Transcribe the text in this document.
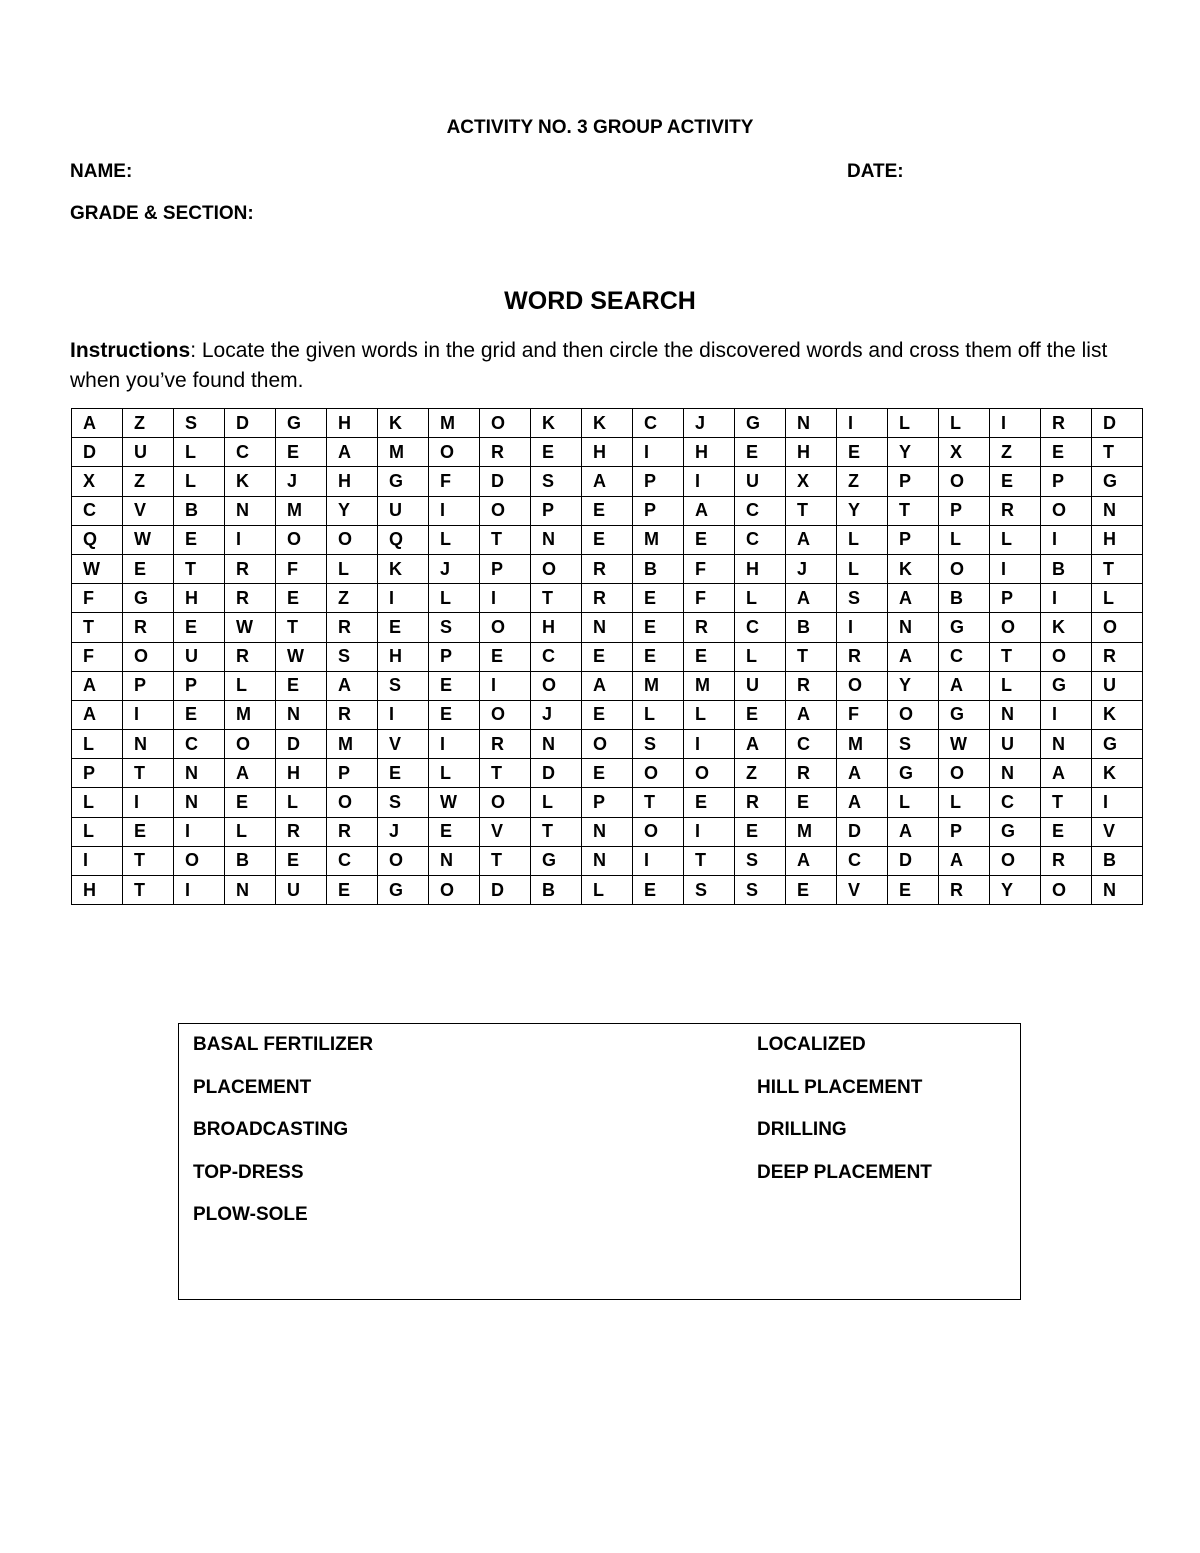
ACTIVITY NO. 3 GROUP ACTIVITY
NAME:	DATE:
GRADE & SECTION:
WORD SEARCH
Instructions: Locate the given words in the grid and then circle the discovered words and cross them off the list when you’ve found them.
A	Z	S	D	G	H	K	M	O	K	K	C	J	G	N	I	L	L	I	R	D
D	U	L	C	E	A	M	O	R	E	H	I	H	E	H	E	Y	X	Z	E	T
X	Z	L	K	J	H	G	F	D	S	A	P	I	U	X	Z	P	O	E	P	G
C	V	B	N	M	Y	U	I	O	P	E	P	A	C	T	Y	T	P	R	O	N
Q	W	E	I	O	O	Q	L	T	N	E	M	E	C	A	L	P	L	L	I	H
W	E	T	R	F	L	K	J	P	O	R	B	F	H	J	L	K	O	I	B	T
F	G	H	R	E	Z	I	L	I	T	R	E	F	L	A	S	A	B	P	I	L
T	R	E	W	T	R	E	S	O	H	N	E	R	C	B	I	N	G	O	K	O
F	O	U	R	W	S	H	P	E	C	E	E	E	L	T	R	A	C	T	O	R
A	P	P	L	E	A	S	E	I	O	A	M	M	U	R	O	Y	A	L	G	U
A	I	E	M	N	R	I	E	O	J	E	L	L	E	A	F	O	G	N	I	K
L	N	C	O	D	M	V	I	R	N	O	S	I	A	C	M	S	W	U	N	G
P	T	N	A	H	P	E	L	T	D	E	O	O	Z	R	A	G	O	N	A	K
L	I	N	E	L	O	S	W	O	L	P	T	E	R	E	A	L	L	C	T	I
L	E	I	L	R	R	J	E	V	T	N	O	I	E	M	D	A	P	G	E	V
I	T	O	B	E	C	O	N	T	G	N	I	T	S	A	C	D	A	O	R	B
H	T	I	N	U	E	G	O	D	B	L	E	S	S	E	V	E	R	Y	O	N
BASAL FERTILIZER
PLACEMENT
BROADCASTING
TOP-DRESS
PLOW-SOLE
LOCALIZED
HILL PLACEMENT
DRILLING
DEEP PLACEMENT
